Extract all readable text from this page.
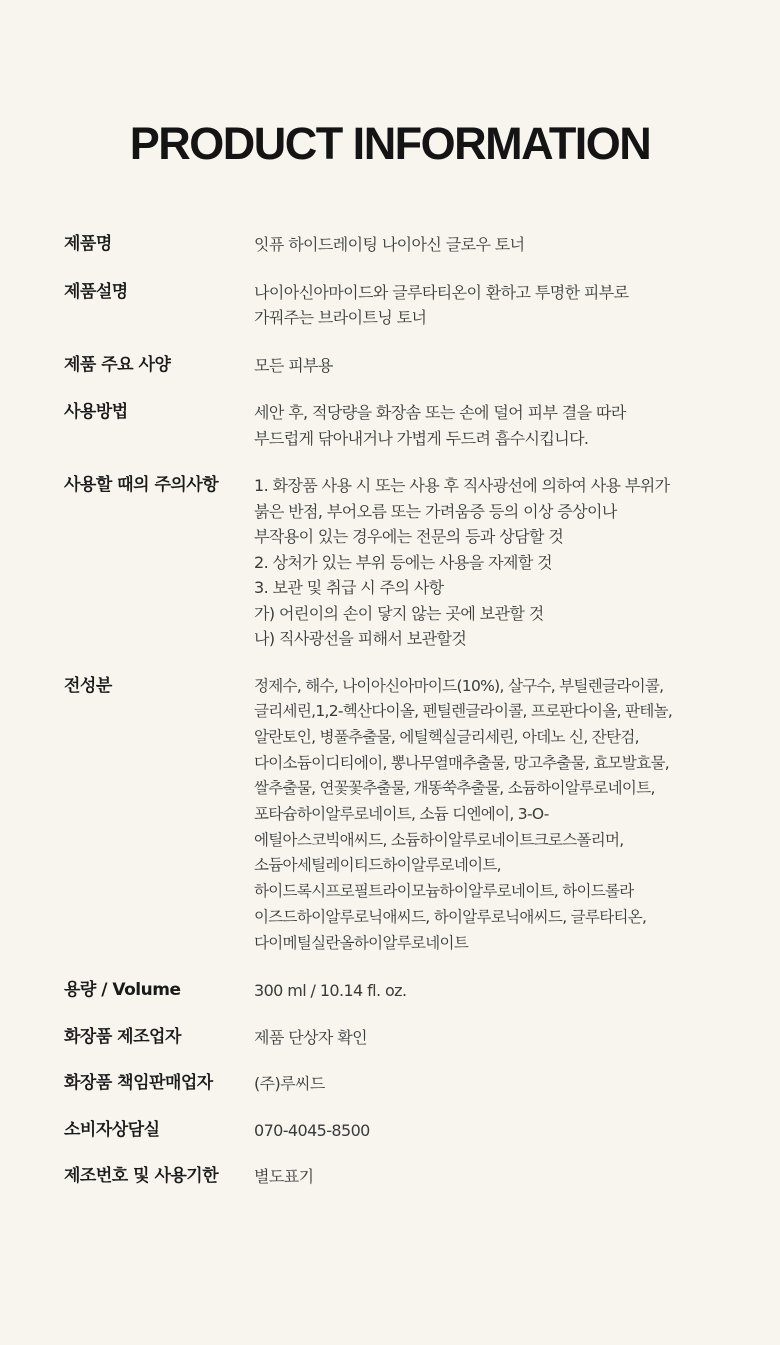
PRODUCT INFORMATION
제품명	잇퓨 하이드레이팅 나이아신 글로우 토너
제품설명	나이아신아마이드와 글루타티온이 환하고 투명한 피부로
가꿔주는 브라이트닝 토너
제품 주요 사양	모든 피부용
사용방법	세안 후, 적당량을 화장솜 또는 손에 덜어 피부 결을 따라
부드럽게 닦아내거나 가볍게 두드려 흡수시킵니다.
사용할 때의 주의사항	1. 화장품 사용 시 또는 사용 후 직사광선에 의하여 사용 부위가
붉은 반점, 부어오름 또는 가려움증 등의 이상 증상이나
부작용이 있는 경우에는 전문의 등과 상담할 것
2. 상처가 있는 부위 등에는 사용을 자제할 것
3. 보관 및 취급 시 주의 사항
가) 어린이의 손이 닿지 않는 곳에 보관할 것
나) 직사광선을 피해서 보관할것
전성분	정제수, 해수, 나이아신아마이드(10%), 살구수, 부틸렌글라이콜,
글리세린,1,2-헥산다이올, 펜틸렌글라이콜, 프로판다이올, 판테놀,
알란토인, 병풀추출물, 에틸헥실글리세린, 아데노 신, 잔탄검,
다이소듐이디티에이, 뽕나무열매추출물, 망고추출물, 효모발효물,
쌀추출물, 연꽃꽃추출물, 개똥쑥추출물, 소듐하이알루로네이트,
포타슘하이알루로네이트, 소듐 디엔에이, 3-O-
에틸아스코빅애씨드, 소듐하이알루로네이트크로스폴리머,
소듐아세틸레이티드하이알루로네이트,
하이드록시프로필트라이모늄하이알루로네이트, 하이드롤라
이즈드하이알루로닉애씨드, 하이알루로닉애씨드, 글루타티온,
다이메틸실란올하이알루로네이트
용량 / Volume	300 ml / 10.14 fl. oz.
화장품 제조업자	제품 단상자 확인
화장품 책임판매업자	(주)루씨드
소비자상담실	070-4045-8500
제조번호 및 사용기한	별도표기
